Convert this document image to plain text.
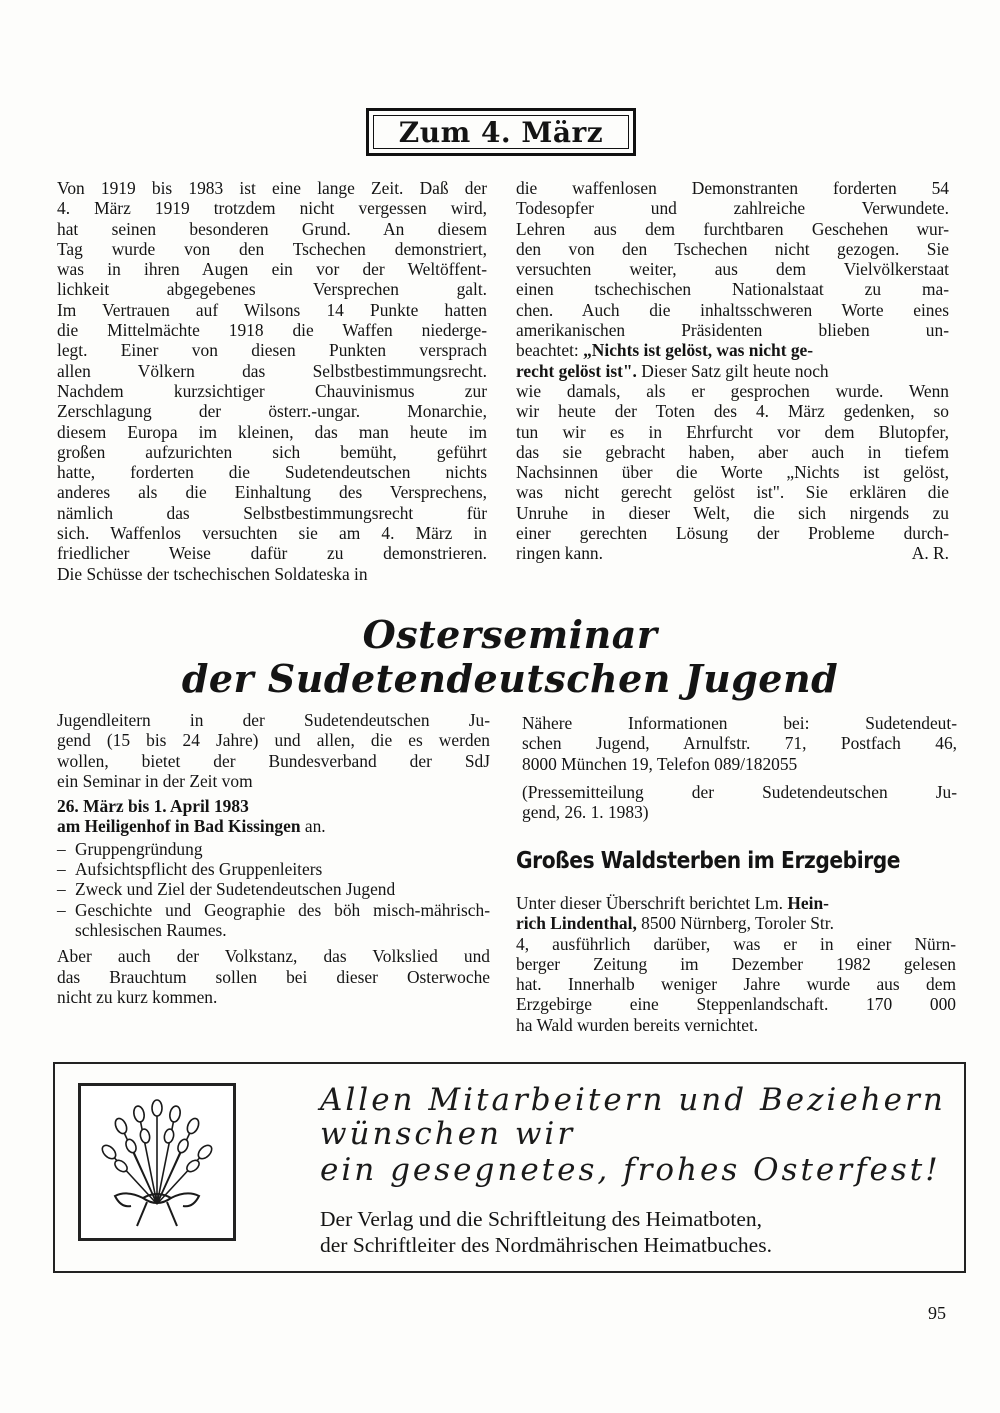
Zum 4. März

Von 1919 bis 1983 ist eine lange Zeit. Daß der

4. März 1919 trotzdem nicht vergessen wird,

hat seinen besonderen Grund. An diesem

Tag wurde von den Tschechen demonstriert,

was in ihren Augen ein vor der Weltöffent-

lichkeit abgegebenes Versprechen galt.

Im Vertrauen auf Wilsons 14 Punkte hatten

die Mittelmächte 1918 die Waffen niederge-

legt. Einer von diesen Punkten versprach

allen Völkern das Selbstbestimmungsrecht.

Nachdem kurzsichtiger Chauvinismus zur

Zerschlagung der österr.-ungar. Monarchie,

diesem Europa im kleinen, das man heute im

großen aufzurichten sich bemüht, geführt

hatte, forderten die Sudetendeutschen nichts

anderes als die Einhaltung des Versprechens,

nämlich das Selbstbestimmungsrecht für

sich. Waffenlos versuchten sie am 4. März in

friedlicher Weise dafür zu demonstrieren.

Die Schüsse der tschechischen Soldateska in

die waffenlosen Demonstranten forderten 54

Todesopfer und zahlreiche Verwundete.

Lehren aus dem furchtbaren Geschehen wur-

den von den Tschechen nicht gezogen. Sie

versuchten weiter, aus dem Vielvölkerstaat

einen tschechischen Nationalstaat zu ma-

chen. Auch die inhaltsschweren Worte eines

amerikanischen Präsidenten blieben un-

beachtet: „Nichts ist gelöst, was nicht ge-

recht gelöst ist". Dieser Satz gilt heute noch

wie damals, als er gesprochen wurde. Wenn

wir heute der Toten des 4. März gedenken, so

tun wir es in Ehrfurcht vor dem Blutopfer,

das sie gebracht haben, aber auch in tiefem

Nachsinnen über die Worte „Nichts ist gelöst,

was nicht gerecht gelöst ist". Sie erklären die

Unruhe in dieser Welt, die sich nirgends zu

einer gerechten Lösung der Probleme durch-

ringen kann.	A. R.

Osterseminar
der Sudetendeutschen Jugend

Jugendleitern in der Sudetendeutschen Ju-

gend (15 bis 24 Jahre) und allen, die es werden

wollen, bietet der Bundesverband der SdJ

ein Seminar in der Zeit vom

26. März bis 1. April 1983

am Heiligenhof in Bad Kissingen an.

– Gruppengründung
– Aufsichtspflicht des Gruppenleiters
– Zweck und Ziel der Sudetendeutschen Jugend
– Geschichte und Geographie des böh misch-mährisch-schlesischen Raumes.

Aber auch der Volkstanz, das Volkslied und

das Brauchtum sollen bei dieser Osterwoche

nicht zu kurz kommen.

Nähere Informationen bei: Sudetendeut-

schen Jugend, Arnulfstr. 71, Postfach 46,

8000 München 19, Telefon 089/182055

(Pressemitteilung der Sudetendeutschen Ju-

gend, 26. 1. 1983)

Großes Waldsterben im Erzgebirge

Unter dieser Überschrift berichtet Lm. Hein-

rich Lindenthal, 8500 Nürnberg, Toroler Str.

4, ausführlich darüber, was er in einer Nürn-

berger Zeitung im Dezember 1982 gelesen

hat. Innerhalb weniger Jahre wurde aus dem

Erzgebirge eine Steppenlandschaft. 170 000

ha Wald wurden bereits vernichtet.

Allen Mitarbeitern und Beziehern
wünschen wir
ein gesegnetes, frohes Osterfest!
Der Verlag und die Schriftleitung des Heimatboten,
der Schriftleiter des Nordmährischen Heimatbuches.
95
